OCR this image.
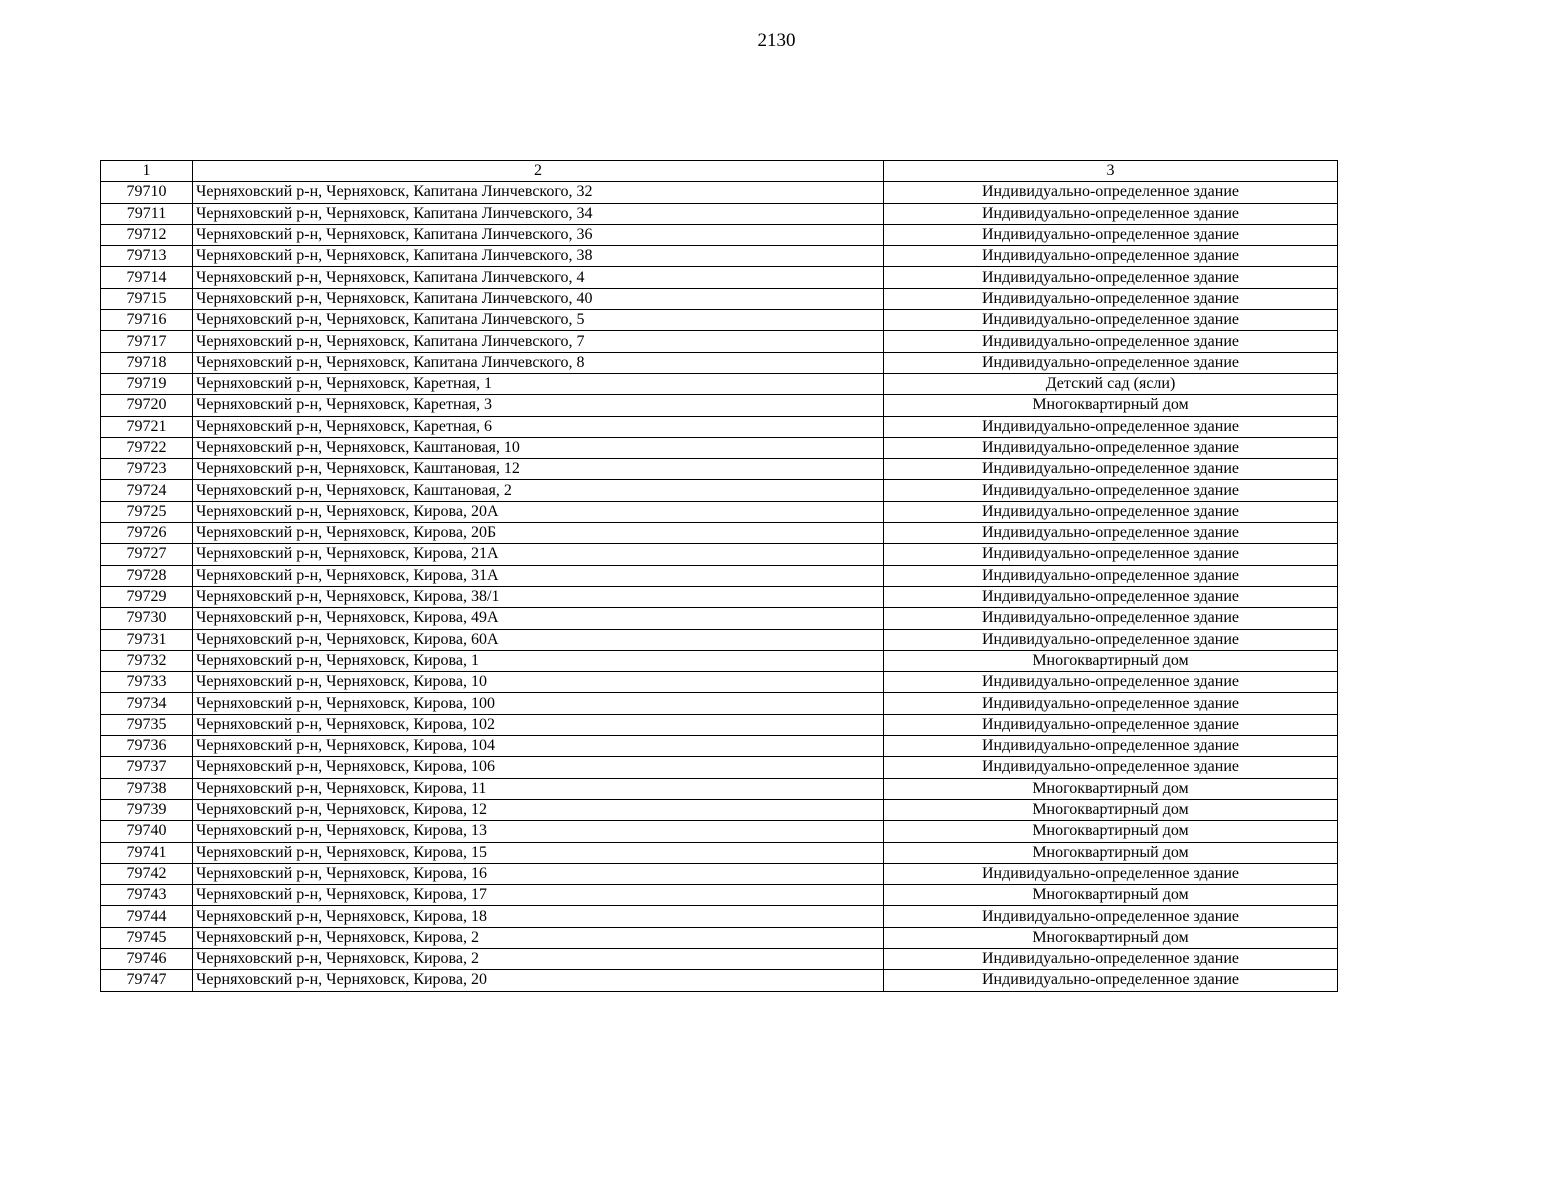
2130
1	2	3
79710	Черняховский р-н, Черняховск, Капитана Линчевского, 32	Индивидуально-определенное здание
79711	Черняховский р-н, Черняховск, Капитана Линчевского, 34	Индивидуально-определенное здание
79712	Черняховский р-н, Черняховск, Капитана Линчевского, 36	Индивидуально-определенное здание
79713	Черняховский р-н, Черняховск, Капитана Линчевского, 38	Индивидуально-определенное здание
79714	Черняховский р-н, Черняховск, Капитана Линчевского, 4	Индивидуально-определенное здание
79715	Черняховский р-н, Черняховск, Капитана Линчевского, 40	Индивидуально-определенное здание
79716	Черняховский р-н, Черняховск, Капитана Линчевского, 5	Индивидуально-определенное здание
79717	Черняховский р-н, Черняховск, Капитана Линчевского, 7	Индивидуально-определенное здание
79718	Черняховский р-н, Черняховск, Капитана Линчевского, 8	Индивидуально-определенное здание
79719	Черняховский р-н, Черняховск, Каретная, 1	Детский сад (ясли)
79720	Черняховский р-н, Черняховск, Каретная, 3	Многоквартирный дом
79721	Черняховский р-н, Черняховск, Каретная, 6	Индивидуально-определенное здание
79722	Черняховский р-н, Черняховск, Каштановая, 10	Индивидуально-определенное здание
79723	Черняховский р-н, Черняховск, Каштановая, 12	Индивидуально-определенное здание
79724	Черняховский р-н, Черняховск, Каштановая, 2	Индивидуально-определенное здание
79725	Черняховский р-н, Черняховск, Кирова, 20А	Индивидуально-определенное здание
79726	Черняховский р-н, Черняховск, Кирова, 20Б	Индивидуально-определенное здание
79727	Черняховский р-н, Черняховск, Кирова, 21А	Индивидуально-определенное здание
79728	Черняховский р-н, Черняховск, Кирова, 31А	Индивидуально-определенное здание
79729	Черняховский р-н, Черняховск, Кирова, 38/1	Индивидуально-определенное здание
79730	Черняховский р-н, Черняховск, Кирова, 49А	Индивидуально-определенное здание
79731	Черняховский р-н, Черняховск, Кирова, 60А	Индивидуально-определенное здание
79732	Черняховский р-н, Черняховск, Кирова, 1	Многоквартирный дом
79733	Черняховский р-н, Черняховск, Кирова, 10	Индивидуально-определенное здание
79734	Черняховский р-н, Черняховск, Кирова, 100	Индивидуально-определенное здание
79735	Черняховский р-н, Черняховск, Кирова, 102	Индивидуально-определенное здание
79736	Черняховский р-н, Черняховск, Кирова, 104	Индивидуально-определенное здание
79737	Черняховский р-н, Черняховск, Кирова, 106	Индивидуально-определенное здание
79738	Черняховский р-н, Черняховск, Кирова, 11	Многоквартирный дом
79739	Черняховский р-н, Черняховск, Кирова, 12	Многоквартирный дом
79740	Черняховский р-н, Черняховск, Кирова, 13	Многоквартирный дом
79741	Черняховский р-н, Черняховск, Кирова, 15	Многоквартирный дом
79742	Черняховский р-н, Черняховск, Кирова, 16	Индивидуально-определенное здание
79743	Черняховский р-н, Черняховск, Кирова, 17	Многоквартирный дом
79744	Черняховский р-н, Черняховск, Кирова, 18	Индивидуально-определенное здание
79745	Черняховский р-н, Черняховск, Кирова, 2	Многоквартирный дом
79746	Черняховский р-н, Черняховск, Кирова, 2	Индивидуально-определенное здание
79747	Черняховский р-н, Черняховск, Кирова, 20	Индивидуально-определенное здание
